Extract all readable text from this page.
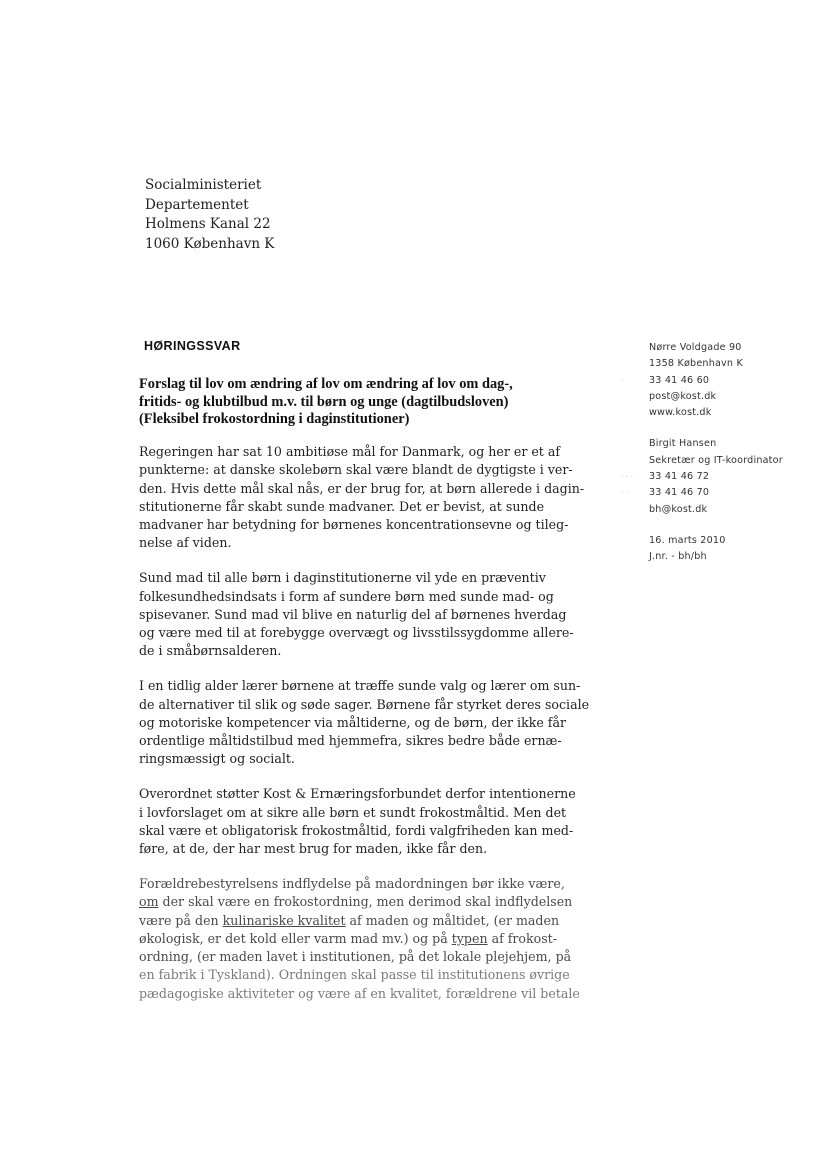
Socialministeriet
Departementet
Holmens Kanal 22
1060 København K
HØRINGSSVAR
Forslag til lov om ændring af lov om ændring af lov om dag-,
fritids- og klubtilbud m.v. til børn og unge (dagtilbudsloven)
(Fleksibel frokostordning i daginstitutioner)
Regeringen har sat 10 ambitiøse mål for Danmark, og her er et af
punkterne: at danske skolebørn skal være blandt de dygtigste i ver-
den. Hvis dette mål skal nås, er der brug for, at børn allerede i dagin-
stitutionerne får skabt sunde madvaner. Det er bevist, at sunde
madvaner har betydning for børnenes koncentrationsevne og tileg-
nelse af viden.
Sund mad til alle børn i daginstitutionerne vil yde en præventiv
folkesundhedsindsats i form af sundere børn med sunde mad- og
spisevaner. Sund mad vil blive en naturlig del af børnenes hverdag
og være med til at forebygge overvægt og livsstilssygdomme allere-
de i småbørnsalderen.
I en tidlig alder lærer børnene at træffe sunde valg og lærer om sun-
de alternativer til slik og søde sager. Børnene får styrket deres sociale
og motoriske kompetencer via måltiderne, og de børn, der ikke får
ordentlige måltidstilbud med hjemmefra, sikres bedre både ernæ-
ringsmæssigt og socialt.
Overordnet støtter Kost & Ernæringsforbundet derfor intentionerne
i lovforslaget om at sikre alle børn et sundt frokostmåltid. Men det
skal være et obligatorisk frokostmåltid, fordi valgfriheden kan med-
føre, at de, der har mest brug for maden, ikke får den.
Forældrebestyrelsens indflydelse på madordningen bør ikke være,
om der skal være en frokostordning, men derimod skal indflydelsen
være på den kulinariske kvalitet af maden og måltidet, (er maden
økologisk, er det kold eller varm mad mv.) og på typen af frokost-
ordning, (er maden lavet i institutionen, på det lokale plejehjem, på
en fabrik i Tyskland). Ordningen skal passe til institutionens øvrige
pædagogiske aktiviteter og være af en kvalitet, forældrene vil betale
Nørre Voldgade 90
1358 København K
·	33 41 46 60
post@kost.dk
www.kost.dk
Birgit Hansen
Sekretær og IT-koordinator
· · · 33 41 46 72
· · 33 41 46 70
bh@kost.dk
16. marts 2010
J.nr. - bh/bh
